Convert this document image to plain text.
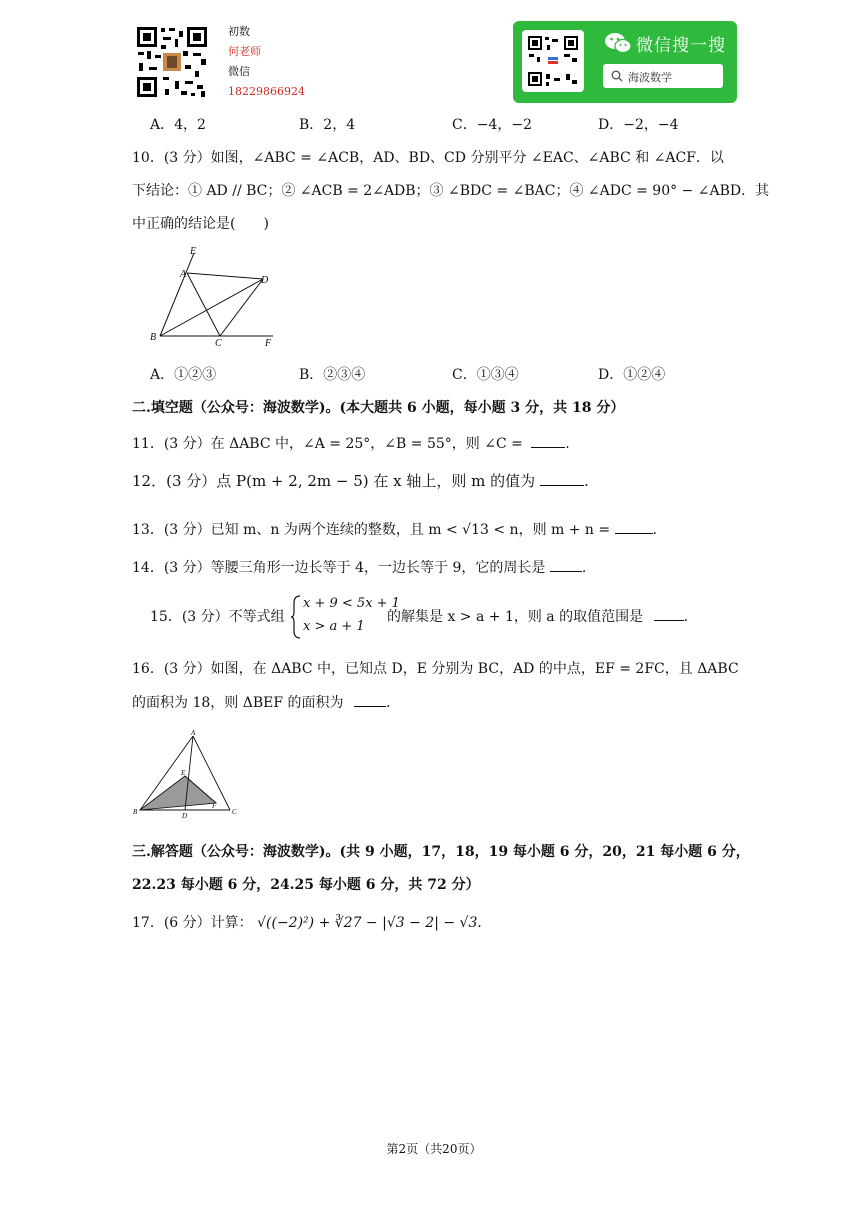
初数
何老师
微信
18229866924
微信搜一搜
海波数学
A．4，2	B．2，4	C．−4，−2	D．−2，−4
10．(3 分）如图，∠ABC = ∠ACB，AD、BD、CD 分别平分 ∠EAC、∠ABC 和 ∠ACF．以
下结论：① AD // BC；② ∠ACB = 2∠ADB；③ ∠BDC = ∠BAC；④ ∠ADC = 90° − ∠ABD．其
中正确的结论是(　　)
E
A
D
B
C	F
A．①②③	B．②③④	C．①③④	D．①②④
二.填空题（公众号：海波数学)。(本大题共 6 小题，每小题 3 分，共 18 分）
11．(3 分）在 ΔABC 中，∠A = 25°，∠B = 55°，则 ∠C =	.
12．(3 分）点 P(m + 2, 2m − 5) 在 x 轴上，则 m 的值为	.
13．(3 分）已知 m、n 为两个连续的整数，且 m < √13 < n，则 m + n =	.
14．(3 分）等腰三角形一边长等于 4，一边长等于 9，它的周长是	.
15．(3 分）不等式组
x + 9 < 5x + 1
x > a + 1
的解集是 x > a + 1，则 a 的取值范围是	.
16．(3 分）如图，在 ΔABC 中，已知点 D，E 分别为 BC，AD 的中点，EF = 2FC，且 ΔABC
的面积为 18，则 ΔBEF 的面积为	.
A
E
B	D
F
C
三.解答题（公众号：海波数学)。(共 9 小题，17，18，19 每小题 6 分，20，21 每小题 6 分，
22.23 每小题 6 分，24.25 每小题 6 分，共 72 分）
17．(6 分）计算： √((−2)²) + ∛27 − |√3 − 2| − √3．
第2页（共20页）
